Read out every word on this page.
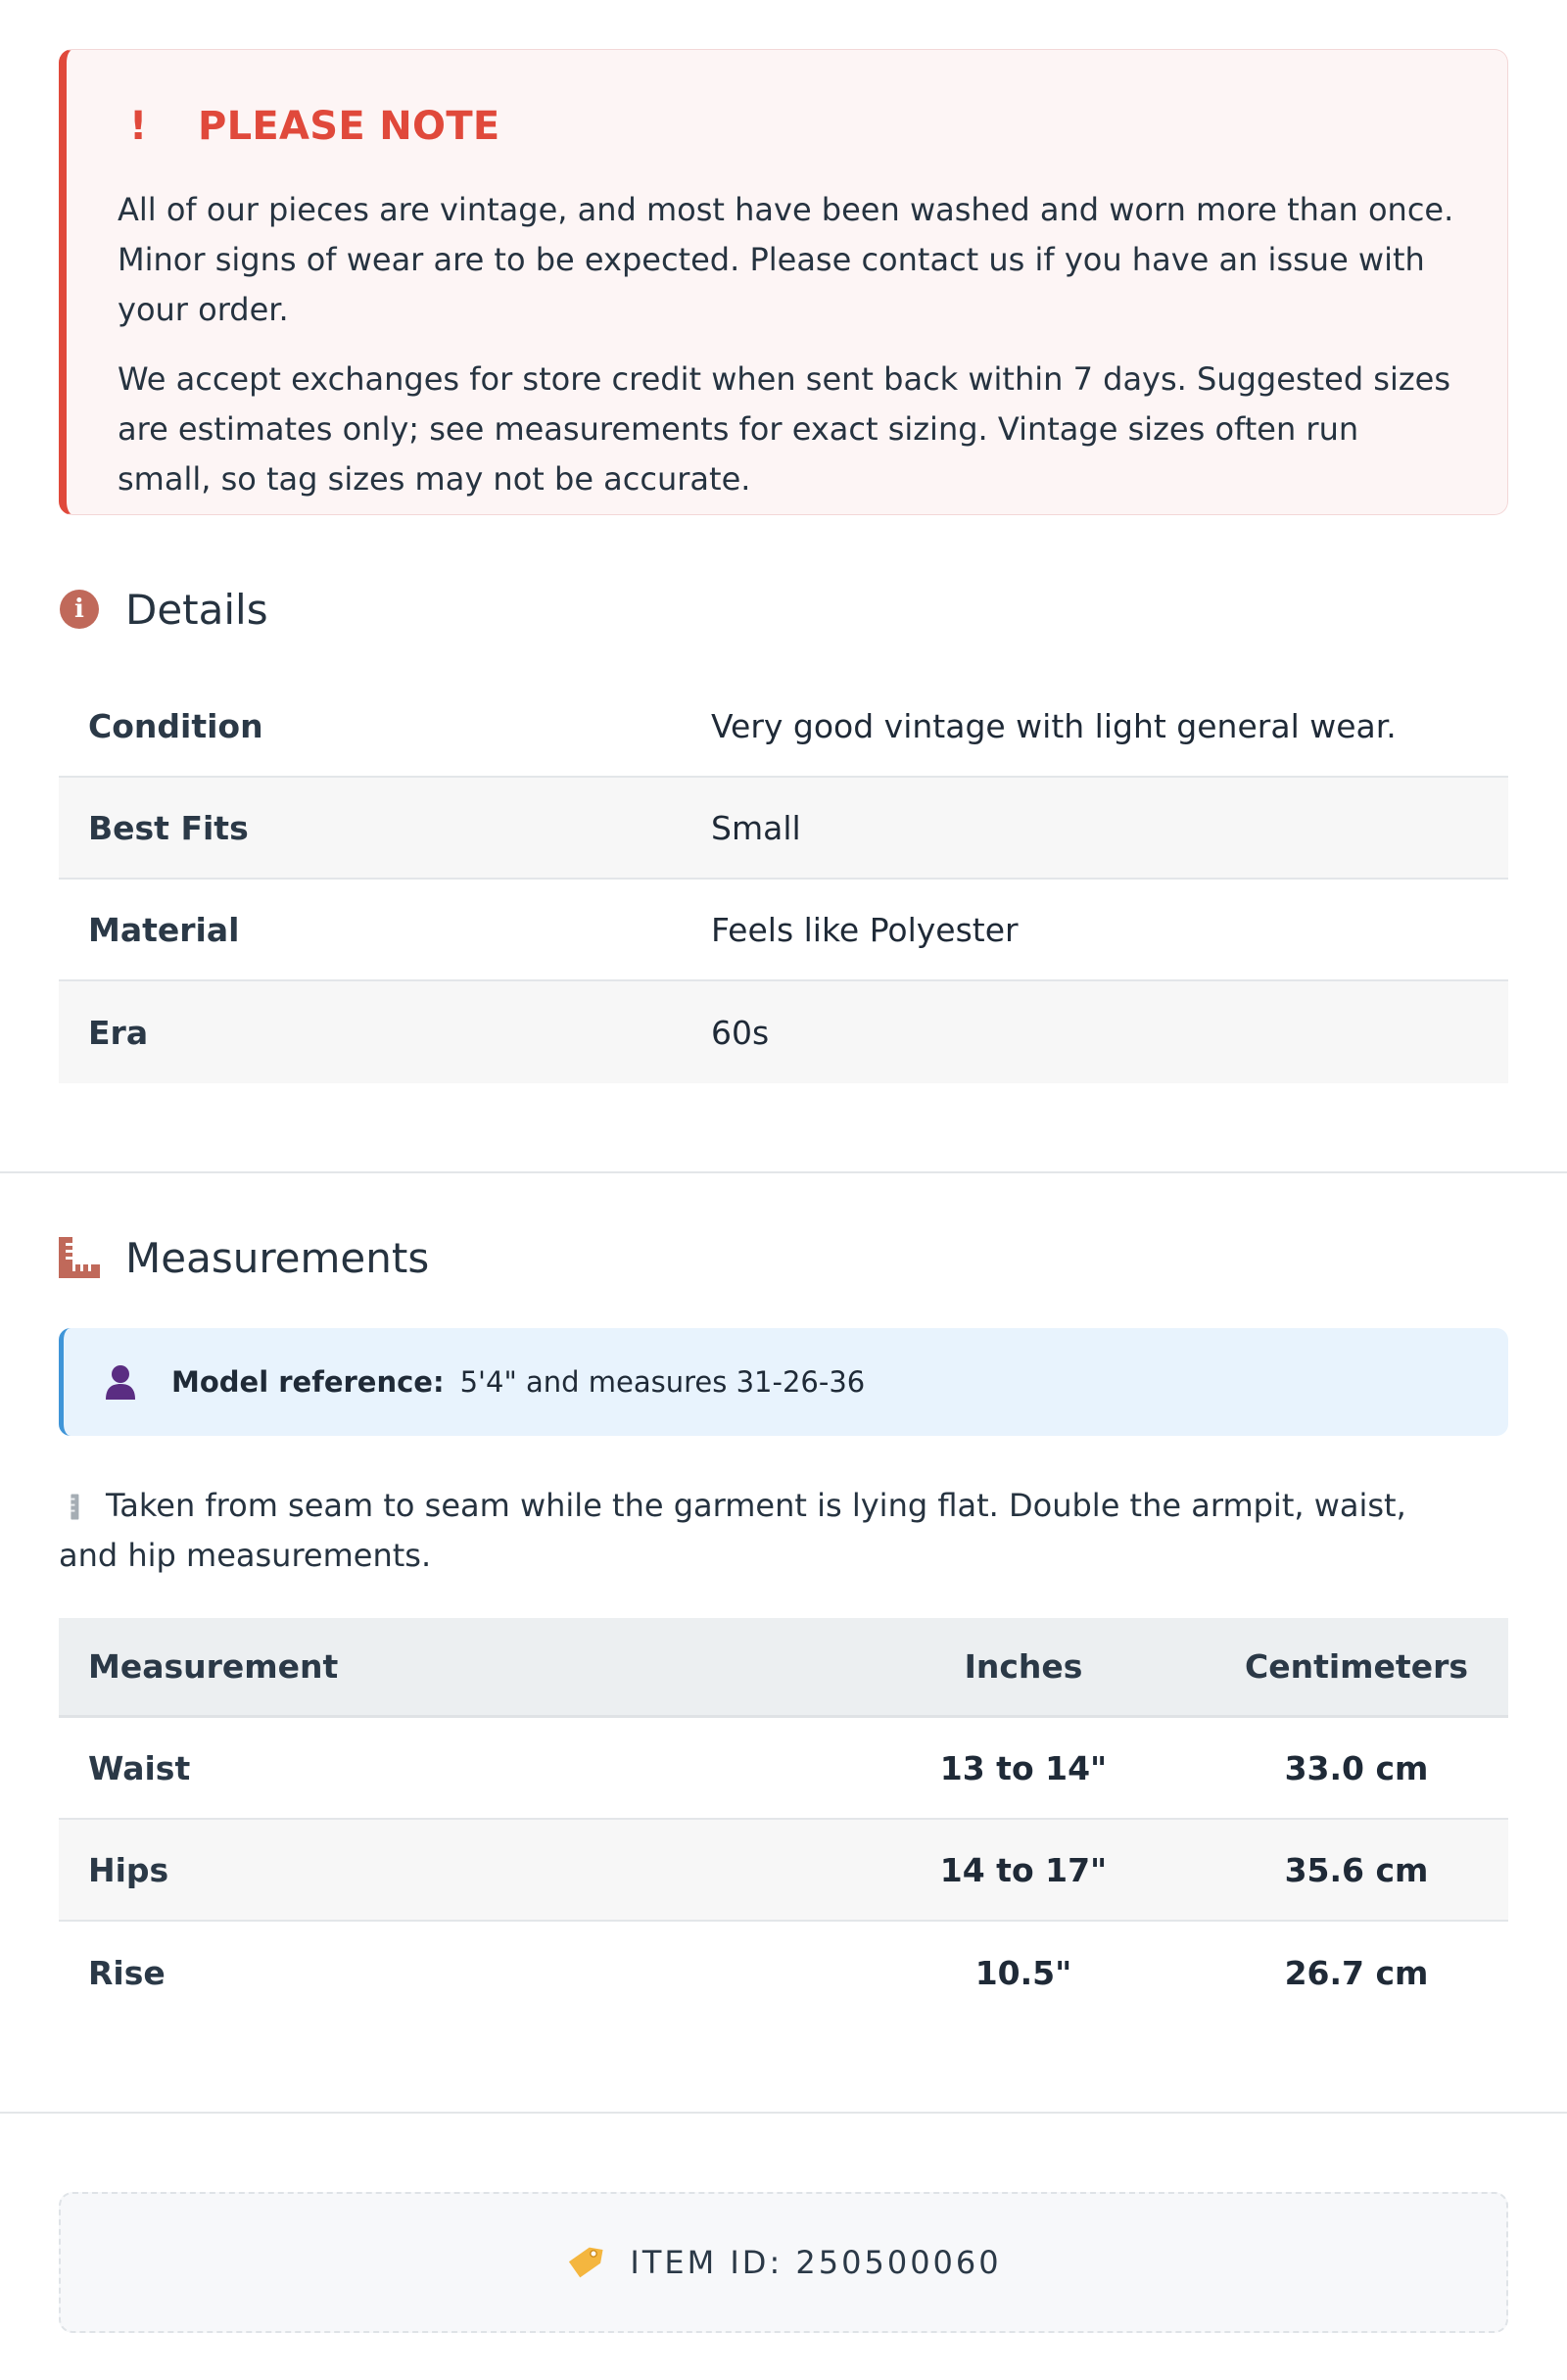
! PLEASE NOTE

All of our pieces are vintage, and most have been washed and worn more than once. Minor signs of wear are to be expected. Please contact us if you have an issue with your order.

We accept exchanges for store credit when sent back within 7 days. Suggested sizes are estimates only; see measurements for exact sizing. Vintage sizes often run small, so tag sizes may not be accurate.

i	Details
Condition	Very good vintage with light general wear.
Best Fits	Small
Material	Feels like Polyester
Era	60s
Measurements
Model reference: 5'4" and measures 31-26-36
Taken from seam to seam while the garment is lying flat. Double the armpit, waist, and hip measurements.
Measurement	Inches	Centimeters
Waist	13 to 14"	33.0 cm
Hips	14 to 17"	35.6 cm
Rise	10.5"	26.7 cm
ITEM ID: 250500060
